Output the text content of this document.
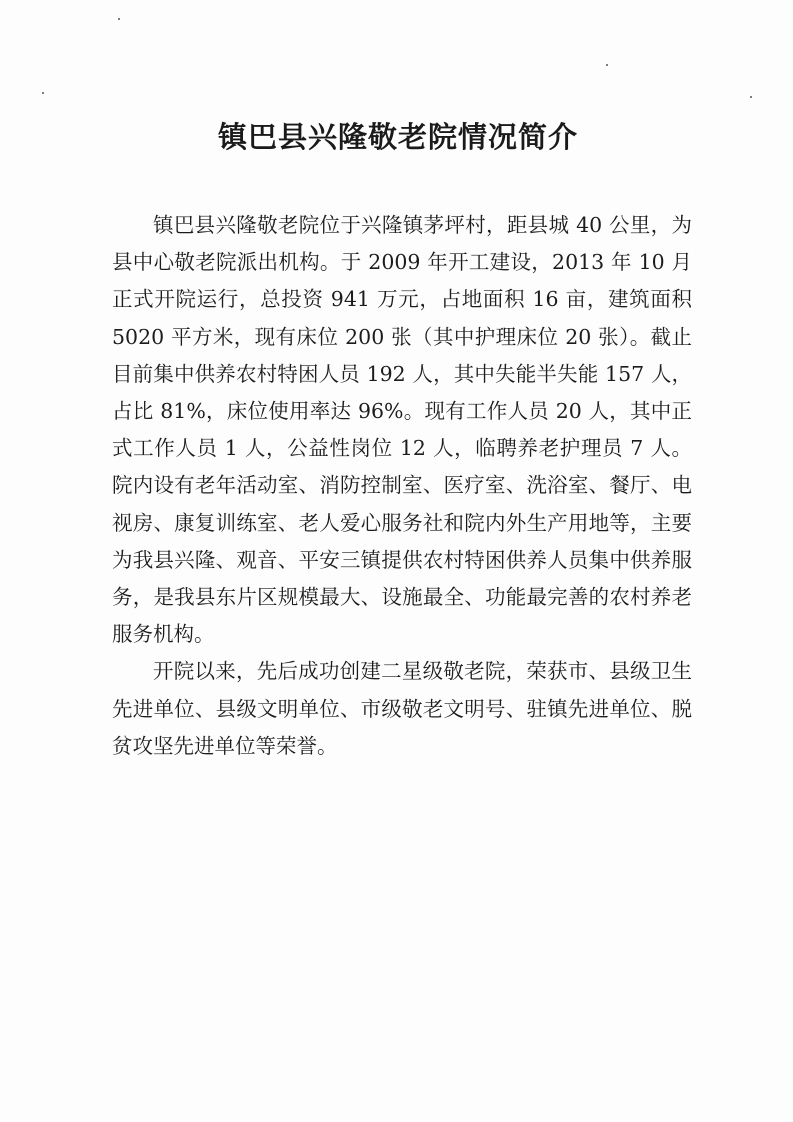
镇巴县兴隆敬老院情况简介

镇巴县兴隆敬老院位于兴隆镇茅坪村，距县城 40 公里，为县中心敬老院派出机构。于 2009 年开工建设，2013 年 10 月正式开院运行，总投资 941 万元，占地面积 16 亩，建筑面积 5020 平方米，现有床位 200 张（其中护理床位 20 张）。截止目前集中供养农村特困人员 192 人，其中失能半失能 157 人，占比 81%，床位使用率达 96%。现有工作人员 20 人，其中正式工作人员 1 人，公益性岗位 12 人，临聘养老护理员 7 人。院内设有老年活动室、消防控制室、医疗室、洗浴室、餐厅、电视房、康复训练室、老人爱心服务社和院内外生产用地等，主要为我县兴隆、观音、平安三镇提供农村特困供养人员集中供养服务，是我县东片区规模最大、设施最全、功能最完善的农村养老服务机构。

开院以来，先后成功创建二星级敬老院，荣获市、县级卫生先进单位、县级文明单位、市级敬老文明号、驻镇先进单位、脱贫攻坚先进单位等荣誉。
